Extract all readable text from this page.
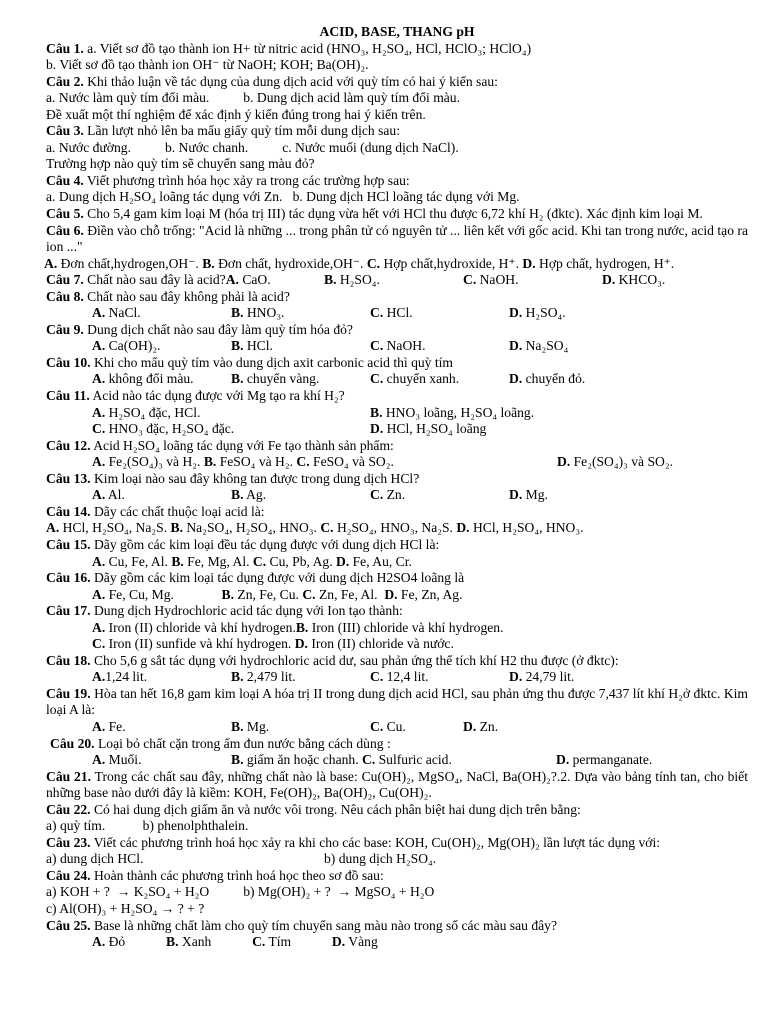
ACID, BASE, THANG pH
Câu 1. a. Viết sơ đồ tạo thành ion H+ từ nitric acid (HNO₃, H₂SO₄, HCl, HClO₃; HClO₄)
b. Viết sơ đồ tạo thành ion OH⁻ từ NaOH; KOH; Ba(OH)₂.
Câu 2. Khi thảo luận về tác dụng của dung dịch acid với quỳ tím có hai ý kiến sau:
a. Nước làm quỳ tím đổi màu.          b. Dung dịch acid làm quỳ tím đổi màu.
Đề xuất một thí nghiệm để xác định ý kiến đúng trong hai ý kiến trên.
Câu 3. Lần lượt nhỏ lên ba mẩu giấy quỳ tím mỗi dung dịch sau:
a. Nước đường.          b. Nước chanh.          c. Nước muối (dung dịch NaCl).
Trường hợp nào quỳ tím sẽ chuyển sang màu đỏ?
Câu 4. Viết phương trình hóa học xảy ra trong các trường hợp sau:
a. Dung dịch H₂SO₄ loãng tác dụng với Zn.   b. Dung dịch HCl loãng tác dụng với Mg.
Câu 5. Cho 5,4 gam kim loại M (hóa trị III) tác dụng vừa hết với HCl thu được 6,72 khí H₂ (đktc). Xác định kim loại M.
Câu 6. Điền vào chỗ trống: "Acid là những ... trong phân tử có nguyên tử ... liên kết với gốc acid. Khi tan trong nước, acid tạo ra ion ..."
A. Đơn chất,hydrogen,OH⁻. B. Đơn chất, hydroxide,OH⁻. C. Hợp chất,hydroxide, H⁺. D. Hợp chất, hydrogen, H⁺.
Câu 7. Chất nào sau đây là acid?A. CaO.	B. H₂SO₄.	C. NaOH.	D. KHCO₃.
Câu 8. Chất nào sau đây không phải là acid?
A. NaCl.	B. HNO₃.	C. HCl.	D. H₂SO₄.
Câu 9. Dung dịch chất nào sau đây làm quỳ tím hóa đỏ?
A. Ca(OH)₂.	B. HCl.	C. NaOH.	D. Na₂SO₄
Câu 10. Khi cho mẩu quỳ tím vào dung dịch axit carbonic acid thì quỳ tím
A. không đổi màu.	B. chuyển vàng.	C. chuyển xanh.	D. chuyển đỏ.
Câu 11. Acid nào tác dụng được với Mg tạo ra khí H₂?
A. H₂SO₄ đặc, HCl.	B. HNO₃ loãng, H₂SO₄ loãng.
C. HNO₃ đặc, H₂SO₄ đặc.	D. HCl, H₂SO₄ loãng
Câu 12. Acid H₂SO₄ loãng tác dụng với Fe tạo thành sản phẩm:
A. Fe₂(SO₄)₃ và H₂. B. FeSO₄ và H₂. C. FeSO₄ và SO₂.	D. Fe₂(SO₄)₃ và SO₂.
Câu 13. Kim loại nào sau đây không tan được trong dung dịch HCl?
A. Al.	B. Ag.	C. Zn.	D. Mg.
Câu 14. Dãy các chất thuộc loại acid là:
A. HCl, H₂SO₄, Na₂S. B. Na₂SO₄, H₂SO₄, HNO₃. C. H₂SO₄, HNO₃, Na₂S. D. HCl, H₂SO₄, HNO₃.
Câu 15. Dãy gồm các kim loại đều tác dụng được với dung dịch HCl là:
A. Cu, Fe, Al. B. Fe, Mg, Al. C. Cu, Pb, Ag. D. Fe, Au, Cr.
Câu 16. Dãy gồm các kim loại tác dụng được với dung dịch H2SO4 loãng là
A. Fe, Cu, Mg.              B. Zn, Fe, Cu. C. Zn, Fe, Al.  D. Fe, Zn, Ag.
Câu 17. Dung dịch Hydrochloric acid tác dụng với Ion tạo thành:
A. Iron (II) chloride và khí hydrogen.B. Iron (III) chloride và khí hydrogen.
C. Iron (II) sunfide và khí hydrogen. D. Iron (II) chloride và nước.
Câu 18. Cho 5,6 g sắt tác dụng với hydrochloric acid dư, sau phản ứng thể tích khí H2 thu được (ở đktc):
A.1,24 lit.	B. 2,479 lit.	C. 12,4 lit.	D. 24,79 lit.
Câu 19. Hòa tan hết 16,8 gam kim loại A hóa trị II trong dung dịch acid HCl, sau phản ứng thu được 7,437 lít khí H₂ở đktc. Kim loại A là:
A. Fe.	B. Mg.	C. Cu.	D. Zn.
Câu 20. Loại bỏ chất cặn trong ấm đun nước bằng cách dùng :
A. Muối.	B. giấm ăn hoặc chanh. C. Sulfuric acid.	D. permanganate.
Câu 21. Trong các chất sau đây, những chất nào là base: Cu(OH)₂, MgSO₄, NaCl, Ba(OH)₂?.2. Dựa vào bảng tính tan, cho biết những base nào dưới đây là kiềm: KOH, Fe(OH)₂, Ba(OH)₂, Cu(OH)₂.
Câu 22. Có hai dung dịch giấm ăn và nước vôi trong. Nêu cách phân biệt hai dung dịch trên bằng:
a) quỳ tím.           b) phenolphthalein.
Câu 23. Viết các phương trình hoá học xảy ra khi cho các base: KOH, Cu(OH)₂, Mg(OH)₂ lần lượt tác dụng với:
a) dung dịch HCl.	b) dung dịch H₂SO₄.
Câu 24. Hoàn thành các phương trình hoá học theo sơ đồ sau:
a) KOH + ?  → K₂SO₄ + H₂O          b) Mg(OH)₂ + ?  → MgSO₄ + H₂O
c) Al(OH)₃ + H₂SO₄ → ? + ?
Câu 25. Base là những chất làm cho quỳ tím chuyển sang màu nào trong số các màu sau đây?
A. Đỏ            B. Xanh            C. Tím            D. Vàng
